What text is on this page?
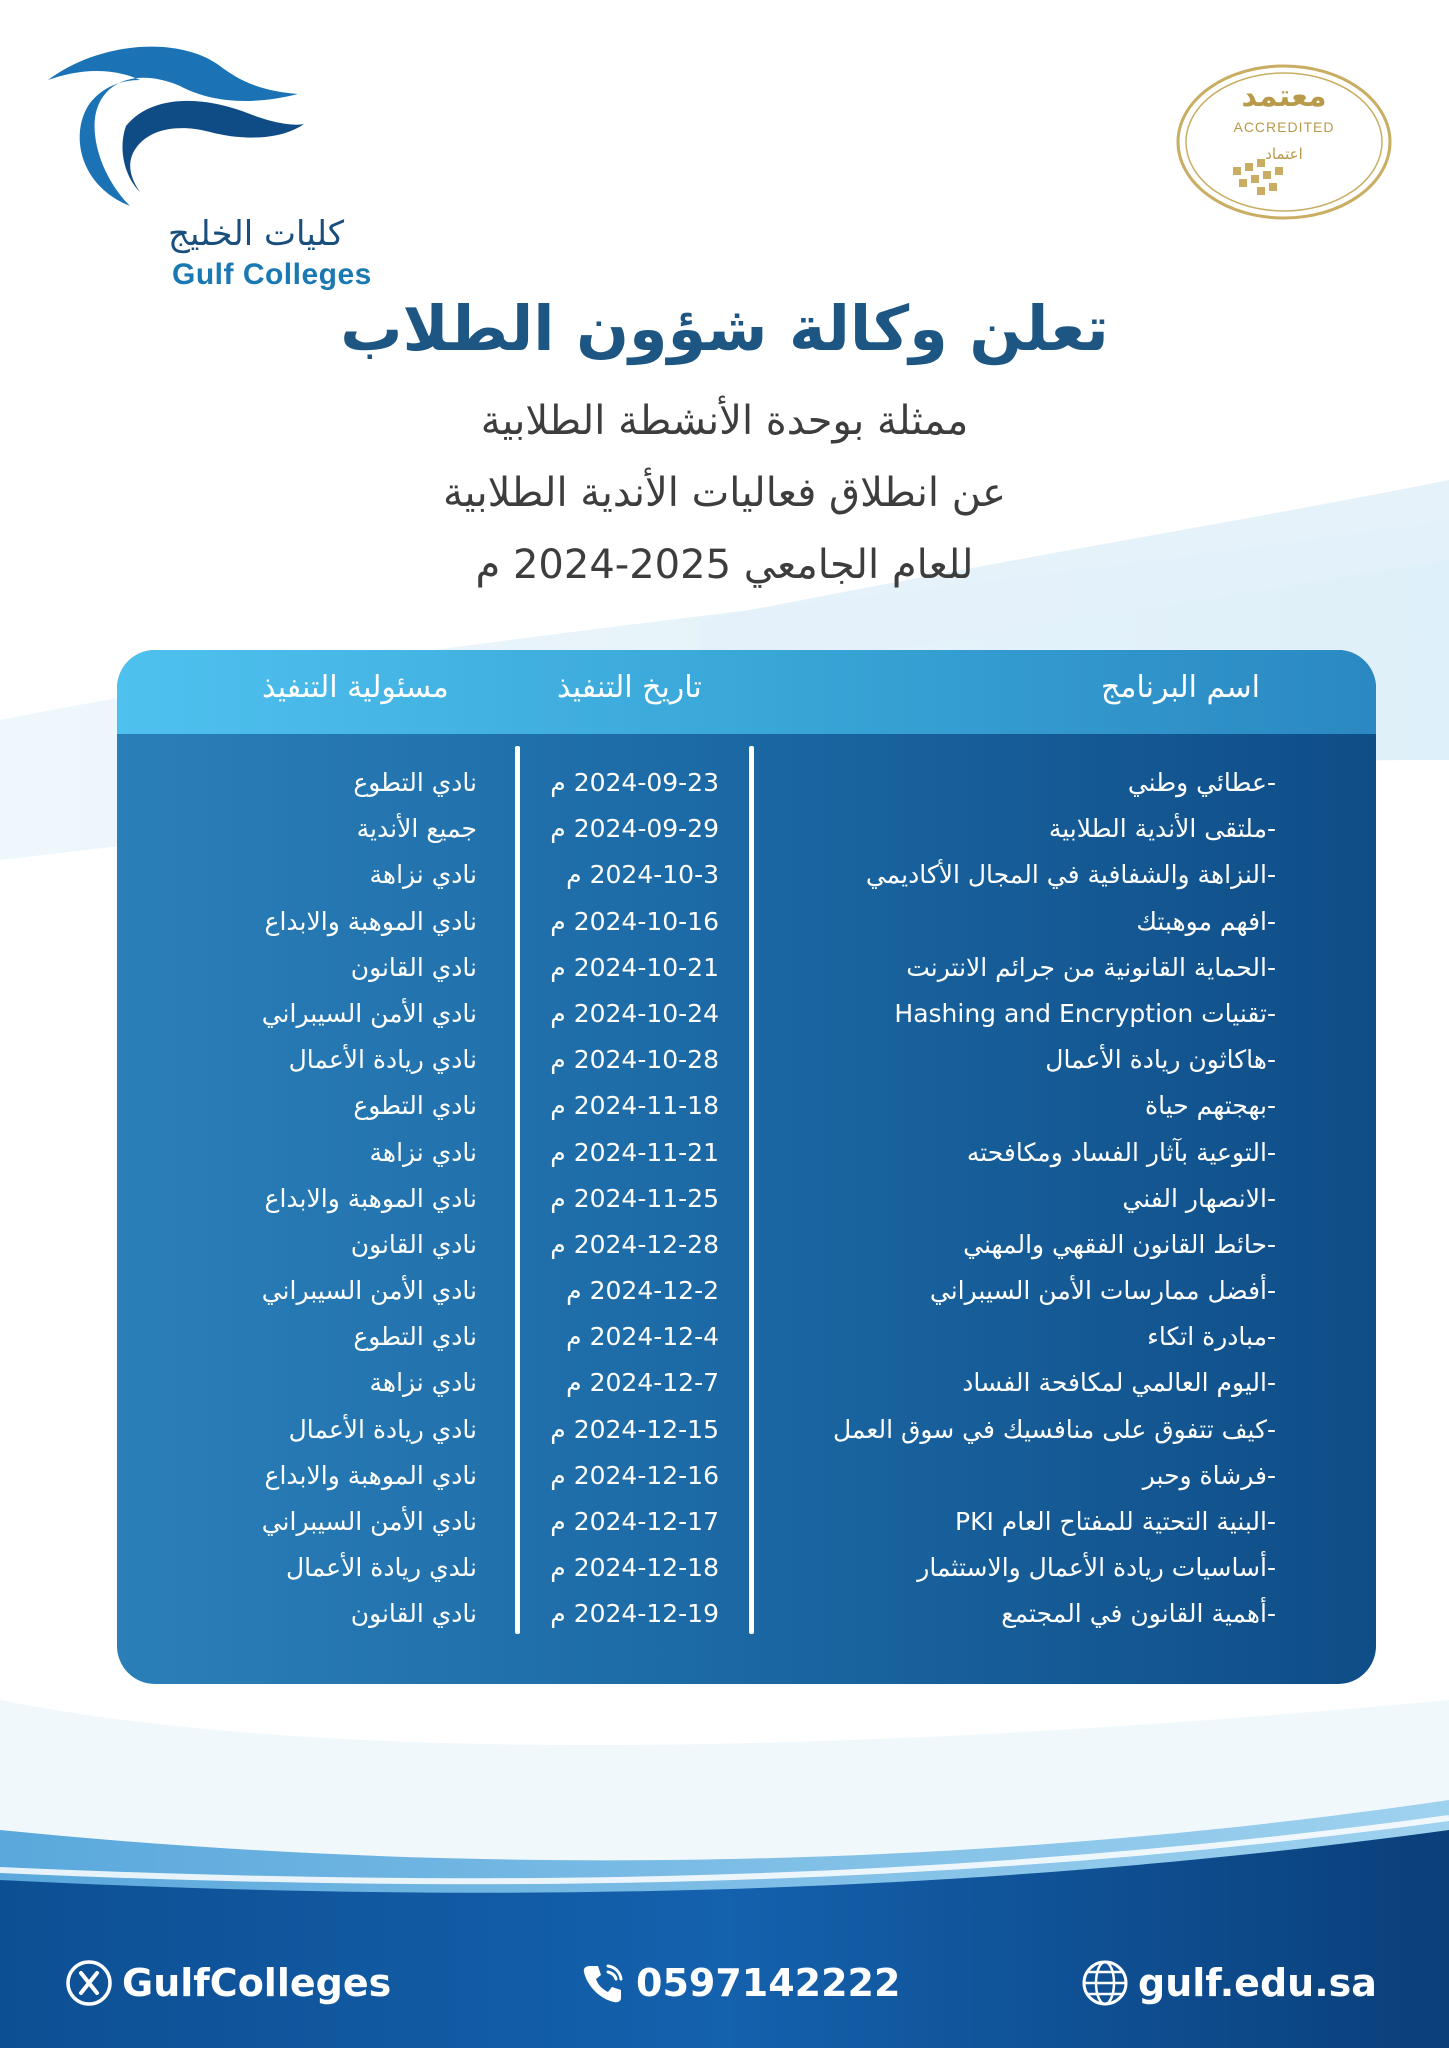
كليات الخليج
Gulf Colleges
معتمد
ACCREDITED
اعتماد
تعلن وكالة شؤون الطلاب
ممثلة بوحدة الأنشطة الطلابية
عن انطلاق فعاليات الأندية الطلابية
للعام الجامعي 2025-2024 م
اسم البرنامج
تاريخ التنفيذ
مسئولية التنفيذ
-عطائي وطني
2024-09-23 م
نادي التطوع
-ملتقى الأندية الطلابية
2024-09-29 م
جميع الأندية
-النزاهة والشفافية في المجال الأكاديمي
2024-10-3 م
نادي نزاهة
-افهم موهبتك
2024-10-16 م
نادي الموهبة والابداع
-الحماية القانونية من جرائم الانترنت
2024-10-21 م
نادي القانون
-تقنيات Hashing and Encryption
2024-10-24 م
نادي الأمن السيبراني
-هاكاثون ريادة الأعمال
2024-10-28 م
نادي ريادة الأعمال
-بهجتهم حياة
2024-11-18 م
نادي التطوع
-التوعية بآثار الفساد ومكافحته
2024-11-21 م
نادي نزاهة
-الانصهار الفني
2024-11-25 م
نادي الموهبة والابداع
-حائط القانون الفقهي والمهني
2024-12-28 م
نادي القانون
-أفضل ممارسات الأمن السيبراني
2024-12-2 م
نادي الأمن السيبراني
-مبادرة اتكاء
2024-12-4 م
نادي التطوع
-اليوم العالمي لمكافحة الفساد
2024-12-7 م
نادي نزاهة
-كيف تتفوق على منافسيك في سوق العمل
2024-12-15 م
نادي ريادة الأعمال
-فرشاة وحبر
2024-12-16 م
نادي الموهبة والابداع
-البنية التحتية للمفتاح العام PKI
2024-12-17 م
نادي الأمن السيبراني
-أساسيات ريادة الأعمال والاستثمار
2024-12-18 م
نلدي ريادة الأعمال
-أهمية القانون في المجتمع
2024-12-19 م
نادي القانون
GulfColleges	0597142222	gulf.edu.sa
